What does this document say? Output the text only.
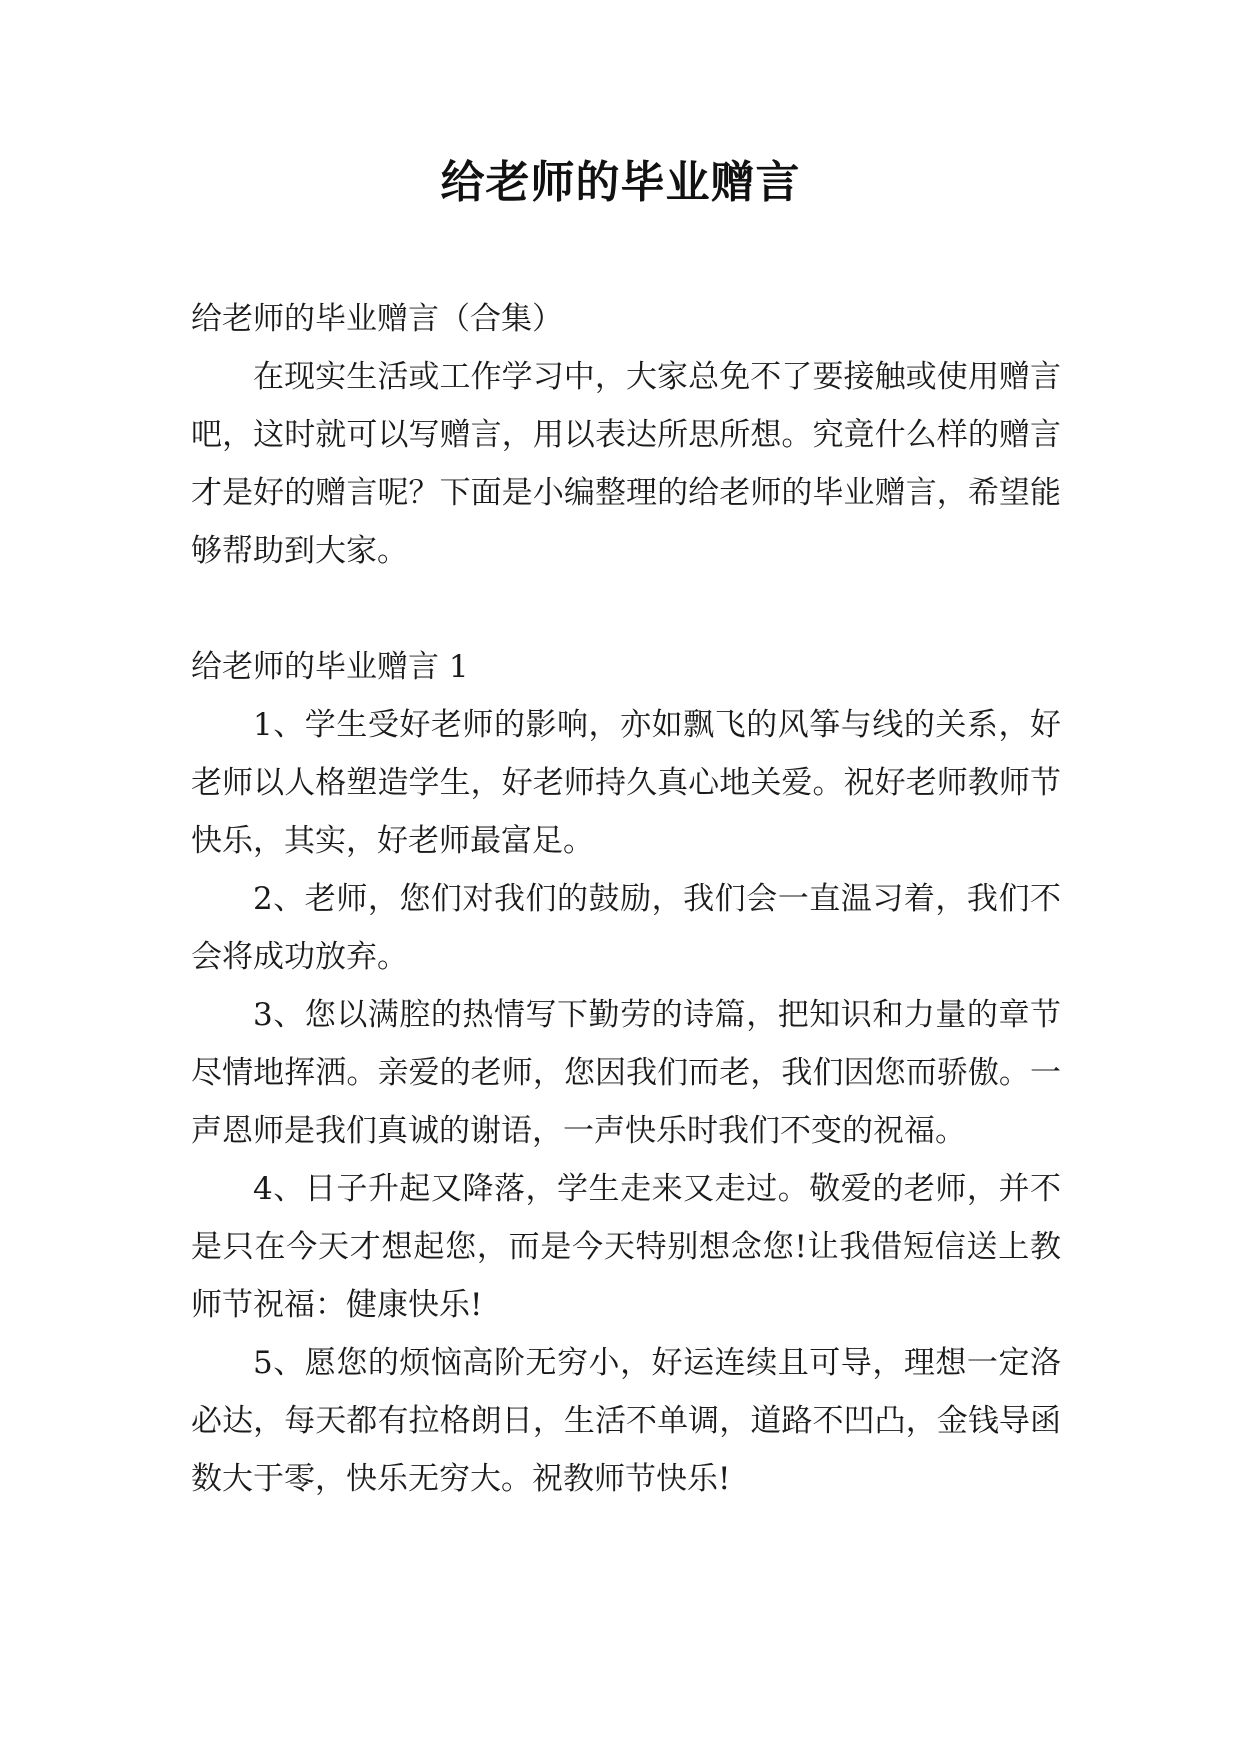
给老师的毕业赠言

给老师的毕业赠言（合集）

在现实生活或工作学习中，大家总免不了要接触或使用赠言吧，这时就可以写赠言，用以表达所思所想。究竟什么样的赠言才是好的赠言呢？下面是小编整理的给老师的毕业赠言，希望能够帮助到大家。

给老师的毕业赠言 1

1、学生受好老师的影响，亦如飘飞的风筝与线的关系，好老师以人格塑造学生，好老师持久真心地关爱。祝好老师教师节快乐，其实，好老师最富足。

2、老师，您们对我们的鼓励，我们会一直温习着，我们不会将成功放弃。

3、您以满腔的热情写下勤劳的诗篇，把知识和力量的章节尽情地挥洒。亲爱的老师，您因我们而老，我们因您而骄傲。一声恩师是我们真诚的谢语，一声快乐时我们不变的祝福。

4、日子升起又降落，学生走来又走过。敬爱的老师，并不是只在今天才想起您，而是今天特别想念您!让我借短信送上教师节祝福：健康快乐!

5、愿您的烦恼高阶无穷小，好运连续且可导，理想一定洛必达，每天都有拉格朗日，生活不单调，道路不凹凸，金钱导函数大于零，快乐无穷大。祝教师节快乐!
